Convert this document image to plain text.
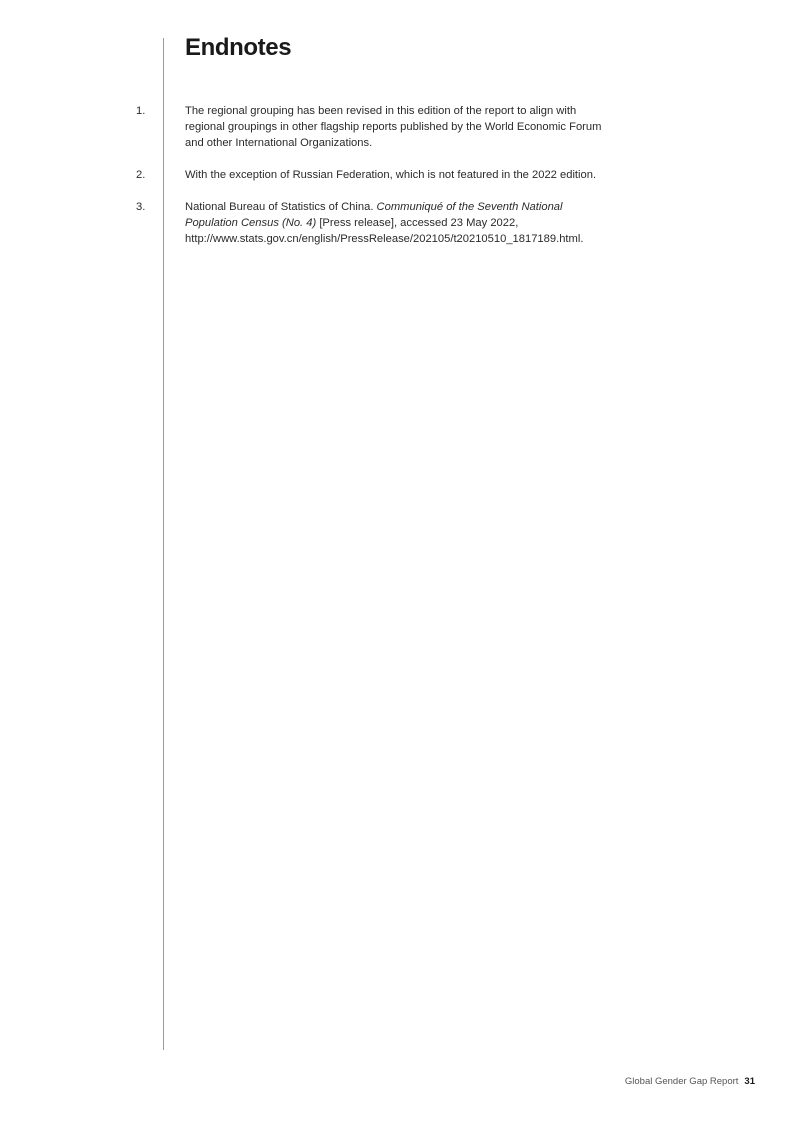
Endnotes
1.	The regional grouping has been revised in this edition of the report to align with regional groupings in other flagship reports published by the World Economic Forum and other International Organizations.
2.	With the exception of Russian Federation, which is not featured in the 2022 edition.
3.	National Bureau of Statistics of China. Communiqué of the Seventh National Population Census (No. 4) [Press release], accessed 23 May 2022, http://www.stats.gov.cn/english/PressRelease/202105/t20210510_1817189.html.
Global Gender Gap Report 31
